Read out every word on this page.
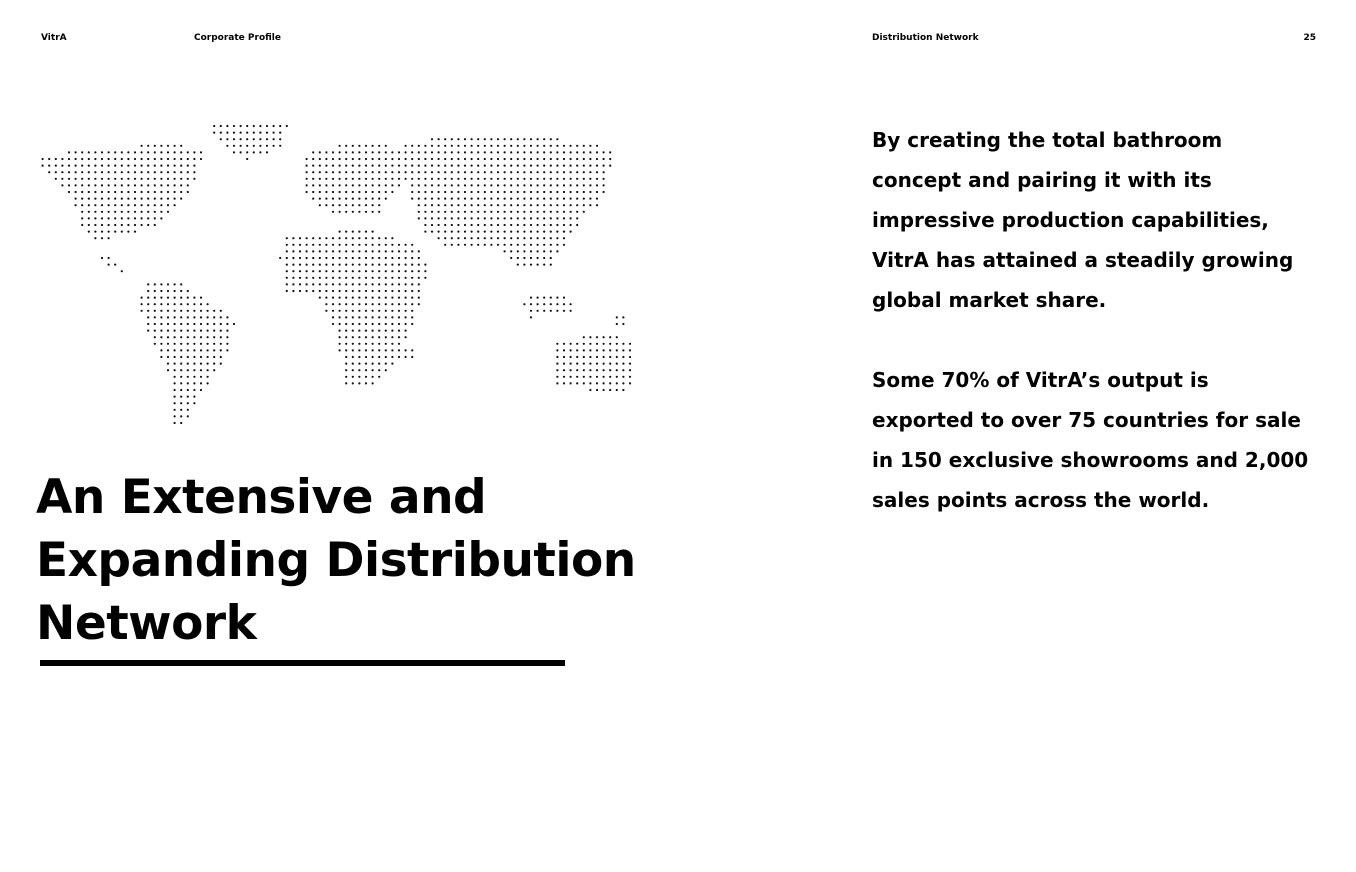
VitrA	Corporate Profile	Distribution Network	25
An Extensive and
Expanding Distribution
Network

By creating the total bathroom
concept and pairing it with its
impressive production capabilities,
VitrA has attained a steadily growing
global market share.

Some 70% of VitrA’s output is
exported to over 75 countries for sale
in 150 exclusive showrooms and 2,000
sales points across the world.
